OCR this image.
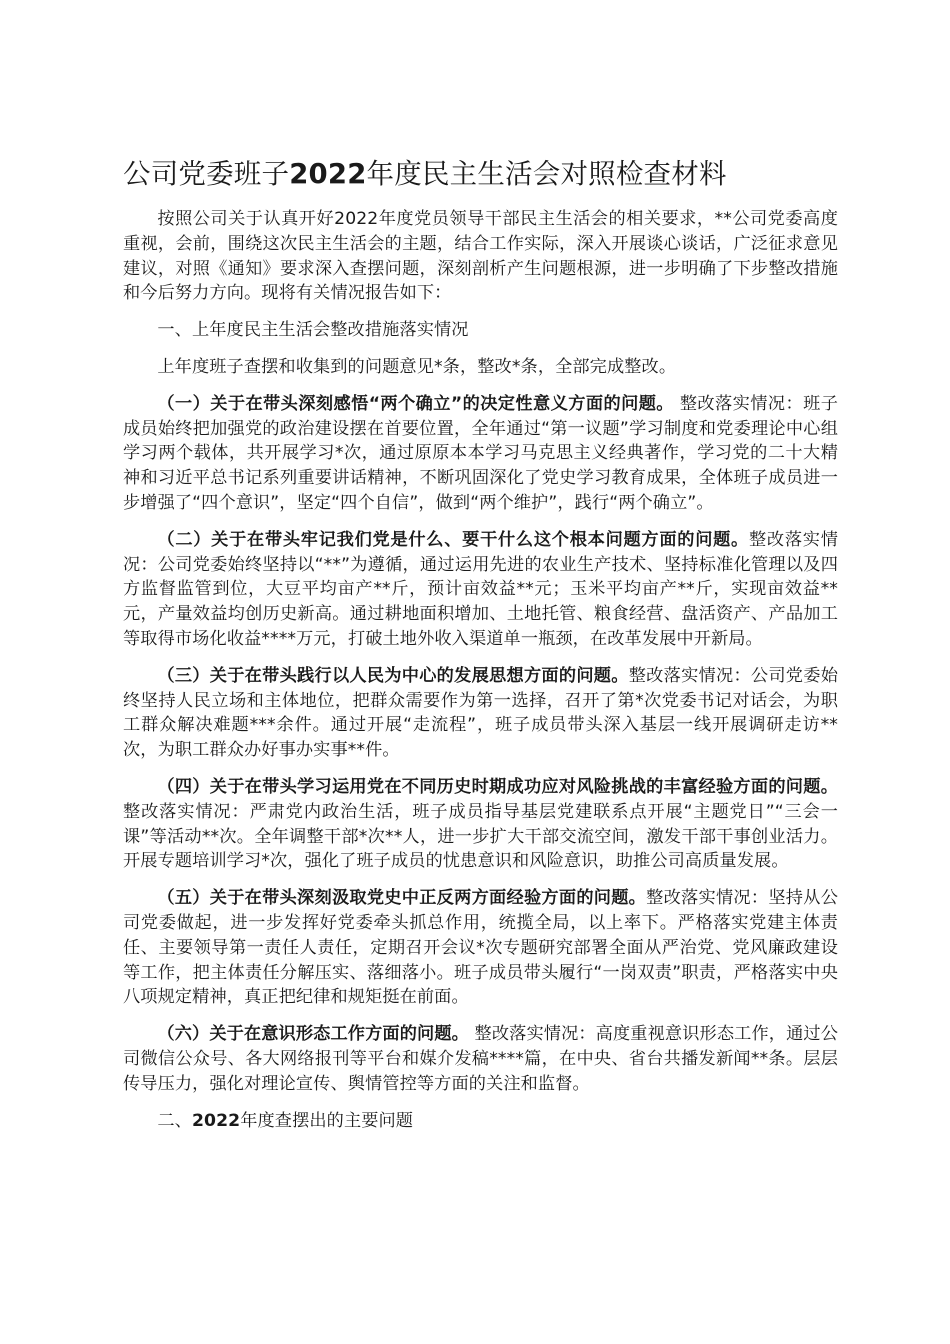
公司党委班子2022年度民主生活会对照检查材料

按照公司关于认真开好2022年度党员领导干部民主生活会的相关要求，**公司党委高度重视，会前，围绕这次民主生活会的主题，结合工作实际，深入开展谈心谈话，广泛征求意见建议，对照《通知》要求深入查摆问题，深刻剖析产生问题根源，进一步明确了下步整改措施和今后努力方向。现将有关情况报告如下：

一、上年度民主生活会整改措施落实情况

上年度班子查摆和收集到的问题意见*条，整改*条，全部完成整改。

（一）关于在带头深刻感悟“两个确立”的决定性意义方面的问题。 整改落实情况：班子成员始终把加强党的政治建设摆在首要位置，全年通过“第一议题”学习制度和党委理论中心组学习两个载体，共开展学习*次，通过原原本本学习马克思主义经典著作，学习党的二十大精神和习近平总书记系列重要讲话精神，不断巩固深化了党史学习教育成果，全体班子成员进一步增强了“四个意识”，坚定“四个自信”，做到“两个维护”，践行“两个确立”。

（二）关于在带头牢记我们党是什么、要干什么这个根本问题方面的问题。整改落实情况：公司党委始终坚持以“**”为遵循，通过运用先进的农业生产技术、坚持标准化管理以及四方监督监管到位，大豆平均亩产**斤，预计亩效益**元；玉米平均亩产**斤，实现亩效益**元，产量效益均创历史新高。通过耕地面积增加、土地托管、粮食经营、盘活资产、产品加工等取得市场化收益****万元，打破土地外收入渠道单一瓶颈，在改革发展中开新局。

（三）关于在带头践行以人民为中心的发展思想方面的问题。整改落实情况：公司党委始终坚持人民立场和主体地位，把群众需要作为第一选择，召开了第*次党委书记对话会，为职工群众解决难题***余件。通过开展“走流程”，班子成员带头深入基层一线开展调研走访**次，为职工群众办好事办实事**件。

（四）关于在带头学习运用党在不同历史时期成功应对风险挑战的丰富经验方面的问题。整改落实情况：严肃党内政治生活，班子成员指导基层党建联系点开展“主题党日”“三会一课”等活动**次。全年调整干部*次**人，进一步扩大干部交流空间，激发干部干事创业活力。开展专题培训学习*次，强化了班子成员的忧患意识和风险意识，助推公司高质量发展。

（五）关于在带头深刻汲取党史中正反两方面经验方面的问题。整改落实情况：坚持从公司党委做起，进一步发挥好党委牵头抓总作用，统揽全局，以上率下。严格落实党建主体责任、主要领导第一责任人责任，定期召开会议*次专题研究部署全面从严治党、党风廉政建设等工作，把主体责任分解压实、落细落小。班子成员带头履行“一岗双责”职责，严格落实中央八项规定精神，真正把纪律和规矩挺在前面。

（六）关于在意识形态工作方面的问题。 整改落实情况：高度重视意识形态工作，通过公司微信公众号、各大网络报刊等平台和媒介发稿****篇，在中央、省台共播发新闻**条。层层传导压力，强化对理论宣传、舆情管控等方面的关注和监督。

二、2022年度查摆出的主要问题
